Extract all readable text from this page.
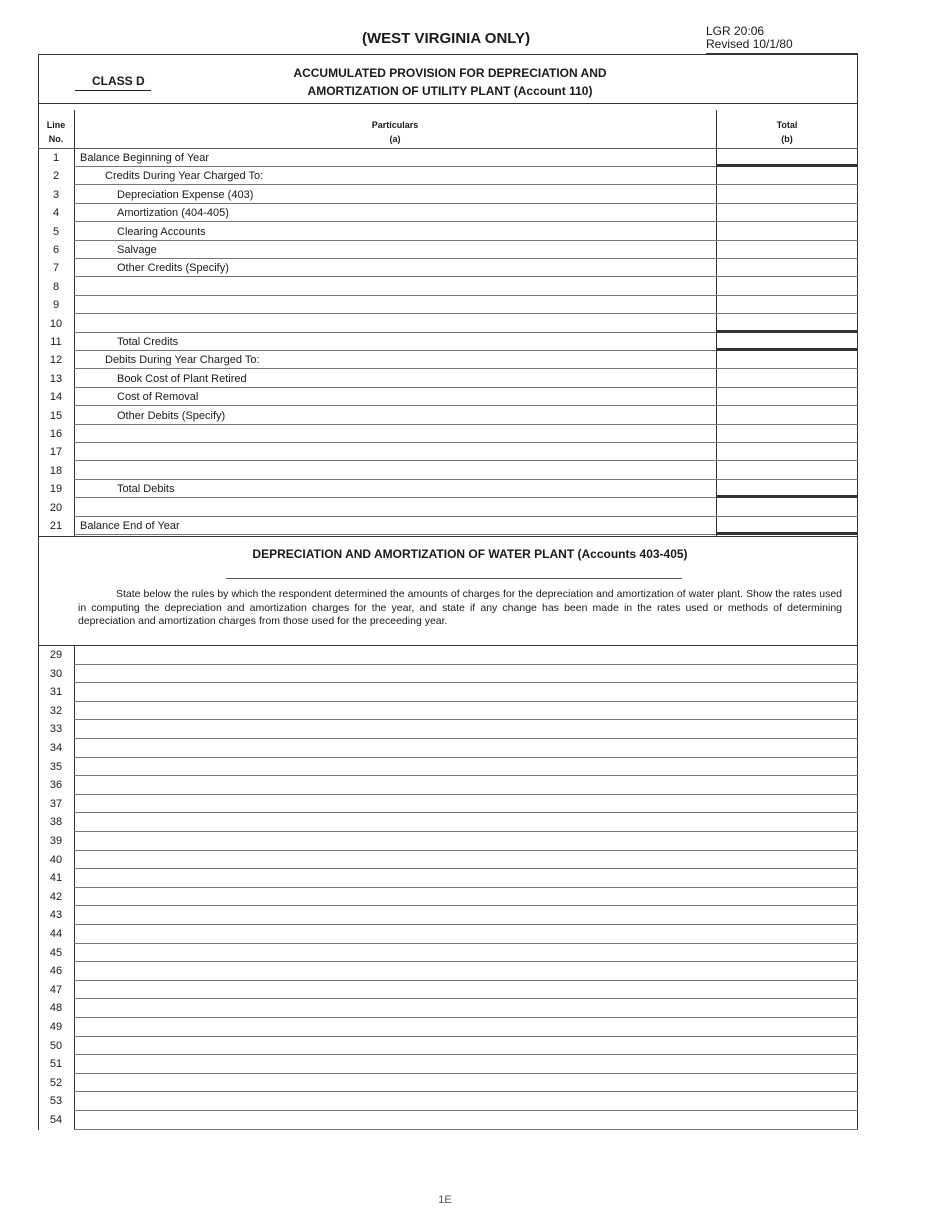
(WEST VIRGINIA ONLY)	LGR 20:06
Revised 10/1/80
CLASS D
ACCUMULATED PROVISION FOR DEPRECIATION AND
AMORTIZATION OF UTILITY PLANT (Account 110)
Line
No.
Particulars
(a)
Total
(b)
1	Balance Beginning of Year
2	Credits During Year Charged To:
3	Depreciation Expense (403)
4	Amortization (404-405)
5	Clearing Accounts
6	Salvage
7	Other Credits (Specify)
8
9
10
11	Total Credits
12	Debits During Year Charged To:
13	Book Cost of Plant Retired
14	Cost of Removal
15	Other Debits (Specify)
16
17
18
19	Total Debits
20
21	Balance End of Year
DEPRECIATION AND AMORTIZATION OF WATER PLANT (Accounts 403-405)
State below the rules by which the respondent determined the amounts of charges for the depreciation and amortization of water plant. Show the rates used in computing the depreciation and amortization charges for the year, and state if any change has been made in the rates used or methods of determining depreciation and amortization charges from those used for the preceeding year.
29
30
31
32
33
34
35
36
37
38
39
40
41
42
43
44
45
46
47
48
49
50
51
52
53
54
1E
